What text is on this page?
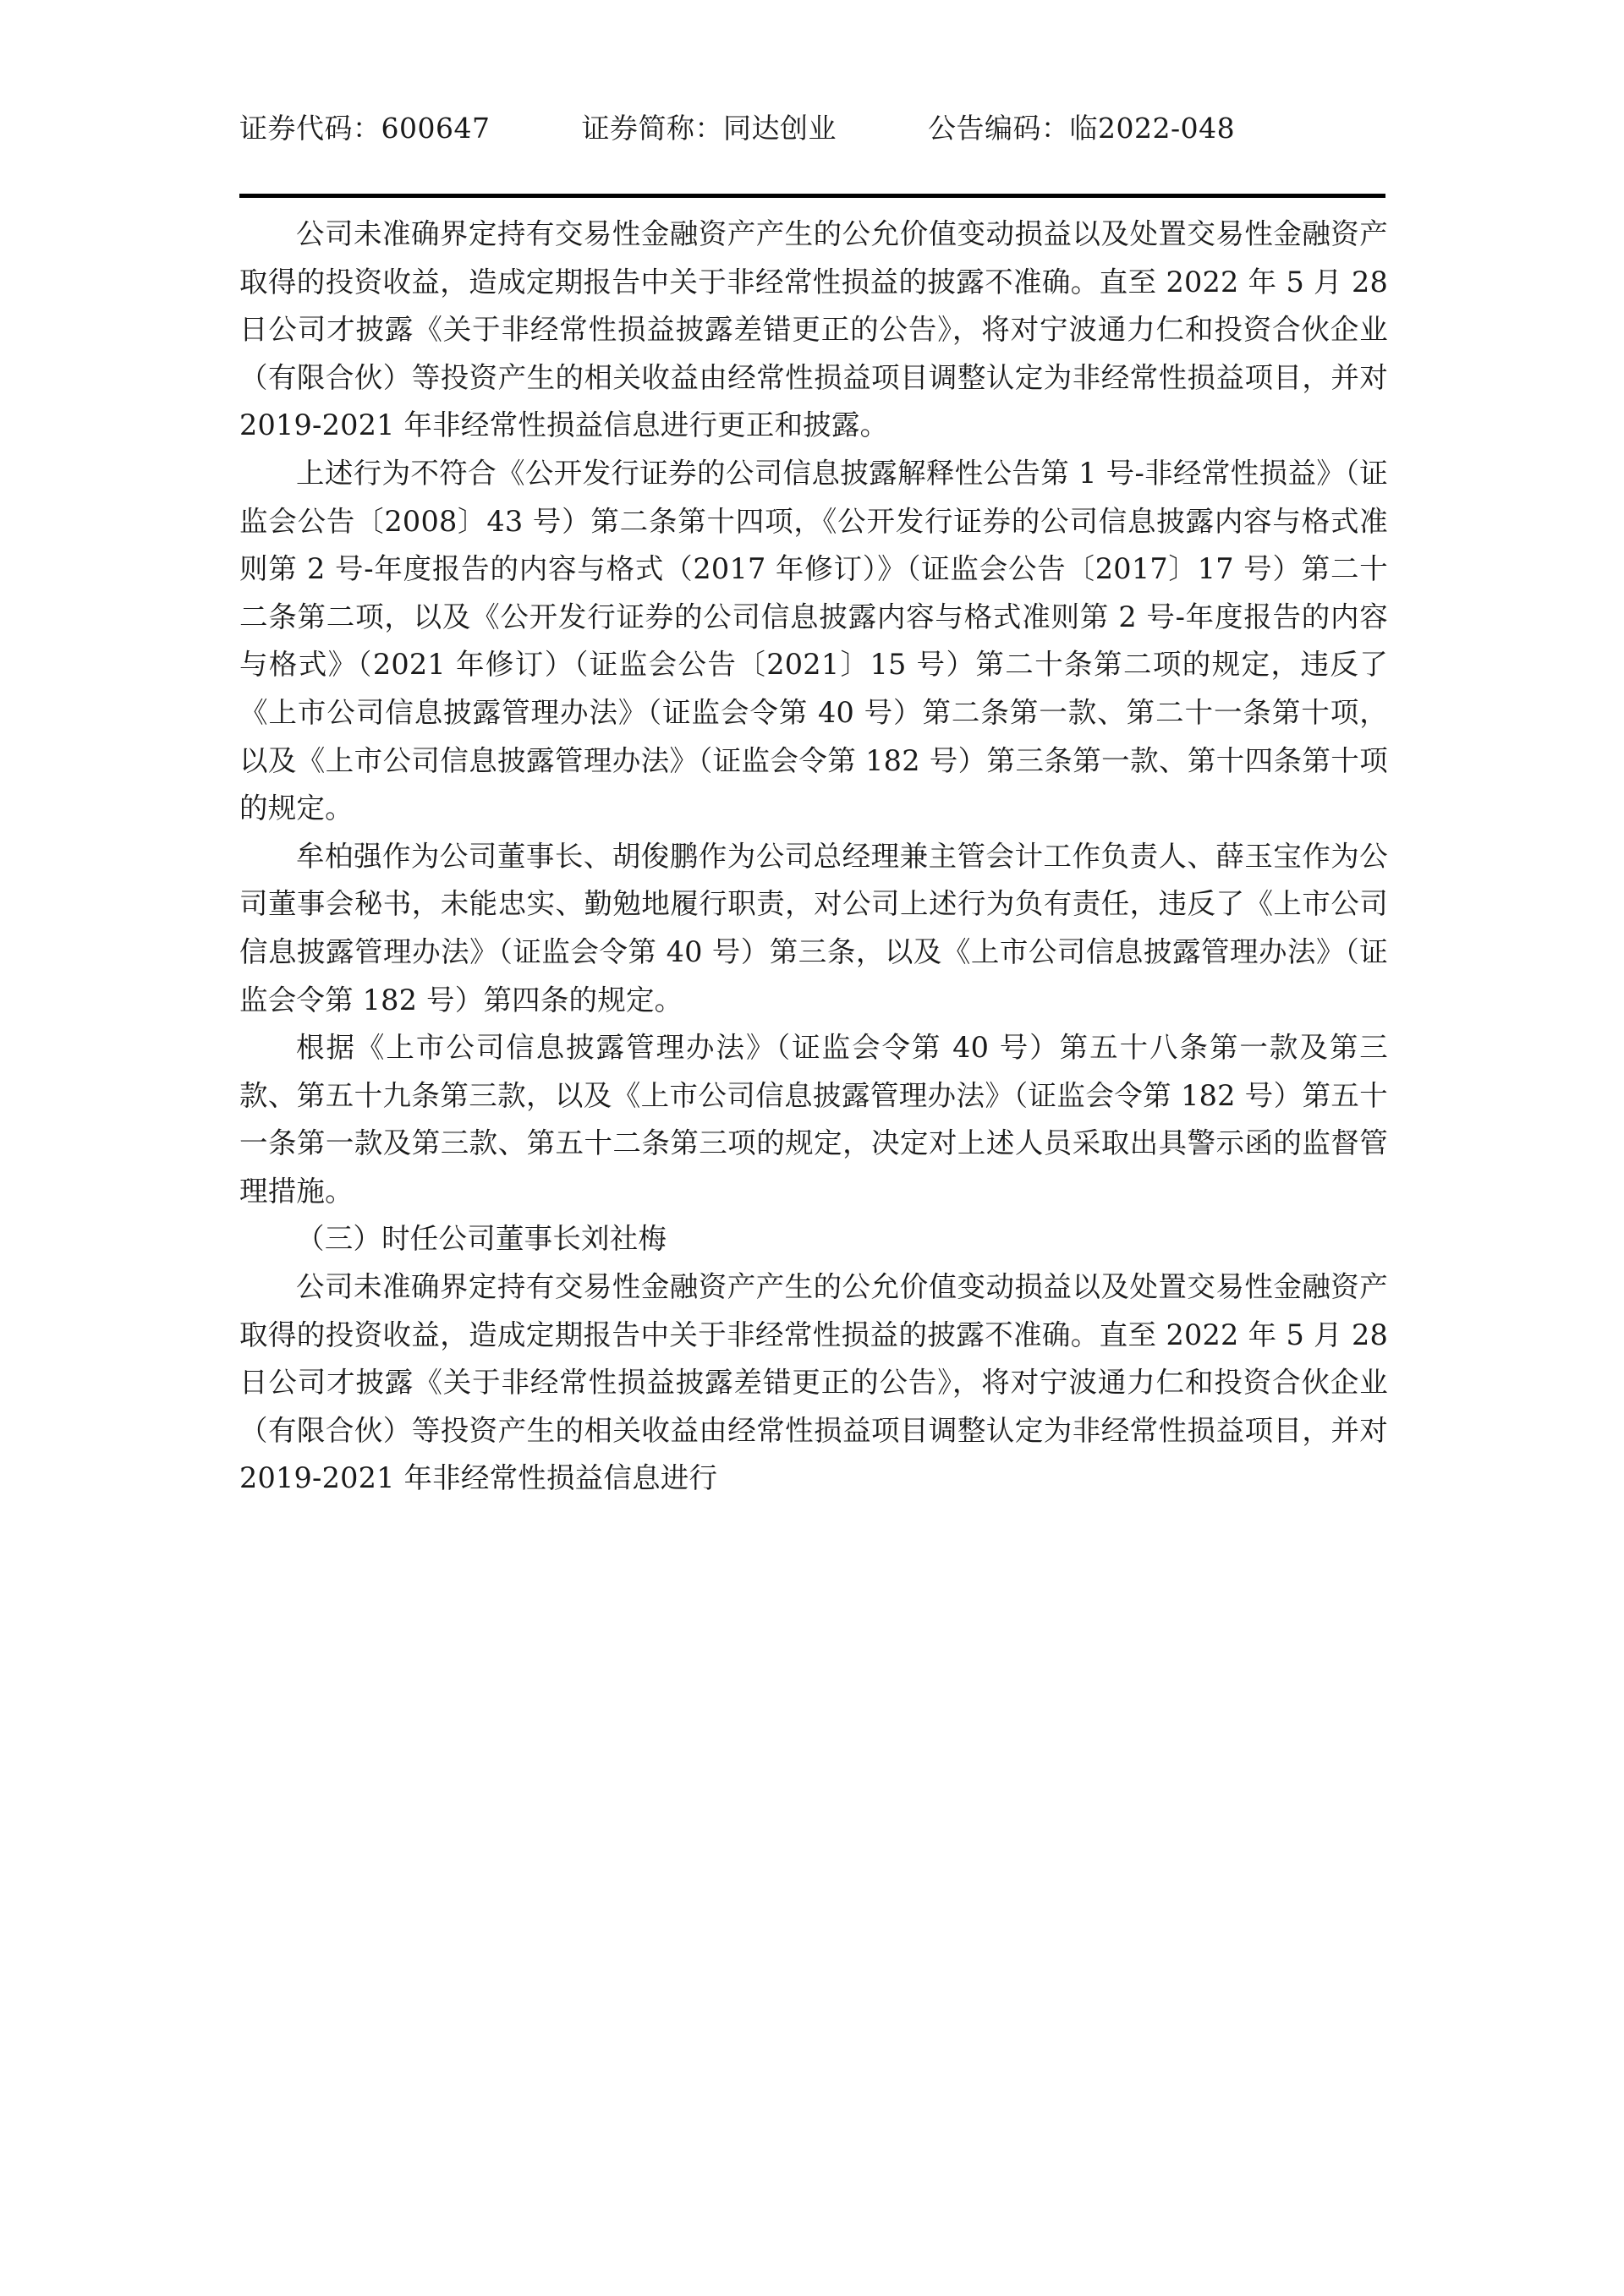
证券代码：600647	证券简称：同达创业	公告编码：临2022-048

公司未准确界定持有交易性金融资产产生的公允价值变动损益以及处置交易性金融资产取得的投资收益，造成定期报告中关于非经常性损益的披露不准确。直至 2022 年 5 月 28 日公司才披露《关于非经常性损益披露差错更正的公告》，将对宁波通力仁和投资合伙企业（有限合伙）等投资产生的相关收益由经常性损益项目调整认定为非经常性损益项目，并对 2019-2021 年非经常性损益信息进行更正和披露。

上述行为不符合《公开发行证券的公司信息披露解释性公告第 1 号-非经常性损益》（证监会公告〔2008〕43 号）第二条第十四项，《公开发行证券的公司信息披露内容与格式准则第 2 号-年度报告的内容与格式（2017 年修订）》（证监会公告〔2017〕17 号）第二十二条第二项，以及《公开发行证券的公司信息披露内容与格式准则第 2 号-年度报告的内容与格式》（2021 年修订）（证监会公告〔2021〕15 号）第二十条第二项的规定，违反了《上市公司信息披露管理办法》（证监会令第 40 号）第二条第一款、第二十一条第十项，以及《上市公司信息披露管理办法》（证监会令第 182 号）第三条第一款、第十四条第十项的规定。

牟柏强作为公司董事长、胡俊鹏作为公司总经理兼主管会计工作负责人、薛玉宝作为公司董事会秘书，未能忠实、勤勉地履行职责，对公司上述行为负有责任，违反了《上市公司信息披露管理办法》（证监会令第 40 号）第三条，以及《上市公司信息披露管理办法》（证监会令第 182 号）第四条的规定。

根据《上市公司信息披露管理办法》（证监会令第 40 号）第五十八条第一款及第三款、第五十九条第三款，以及《上市公司信息披露管理办法》（证监会令第 182 号）第五十一条第一款及第三款、第五十二条第三项的规定，决定对上述人员采取出具警示函的监督管理措施。

（三）时任公司董事长刘社梅

公司未准确界定持有交易性金融资产产生的公允价值变动损益以及处置交易性金融资产取得的投资收益，造成定期报告中关于非经常性损益的披露不准确。直至 2022 年 5 月 28 日公司才披露《关于非经常性损益披露差错更正的公告》，将对宁波通力仁和投资合伙企业（有限合伙）等投资产生的相关收益由经常性损益项目调整认定为非经常性损益项目，并对 2019-2021 年非经常性损益信息进行
